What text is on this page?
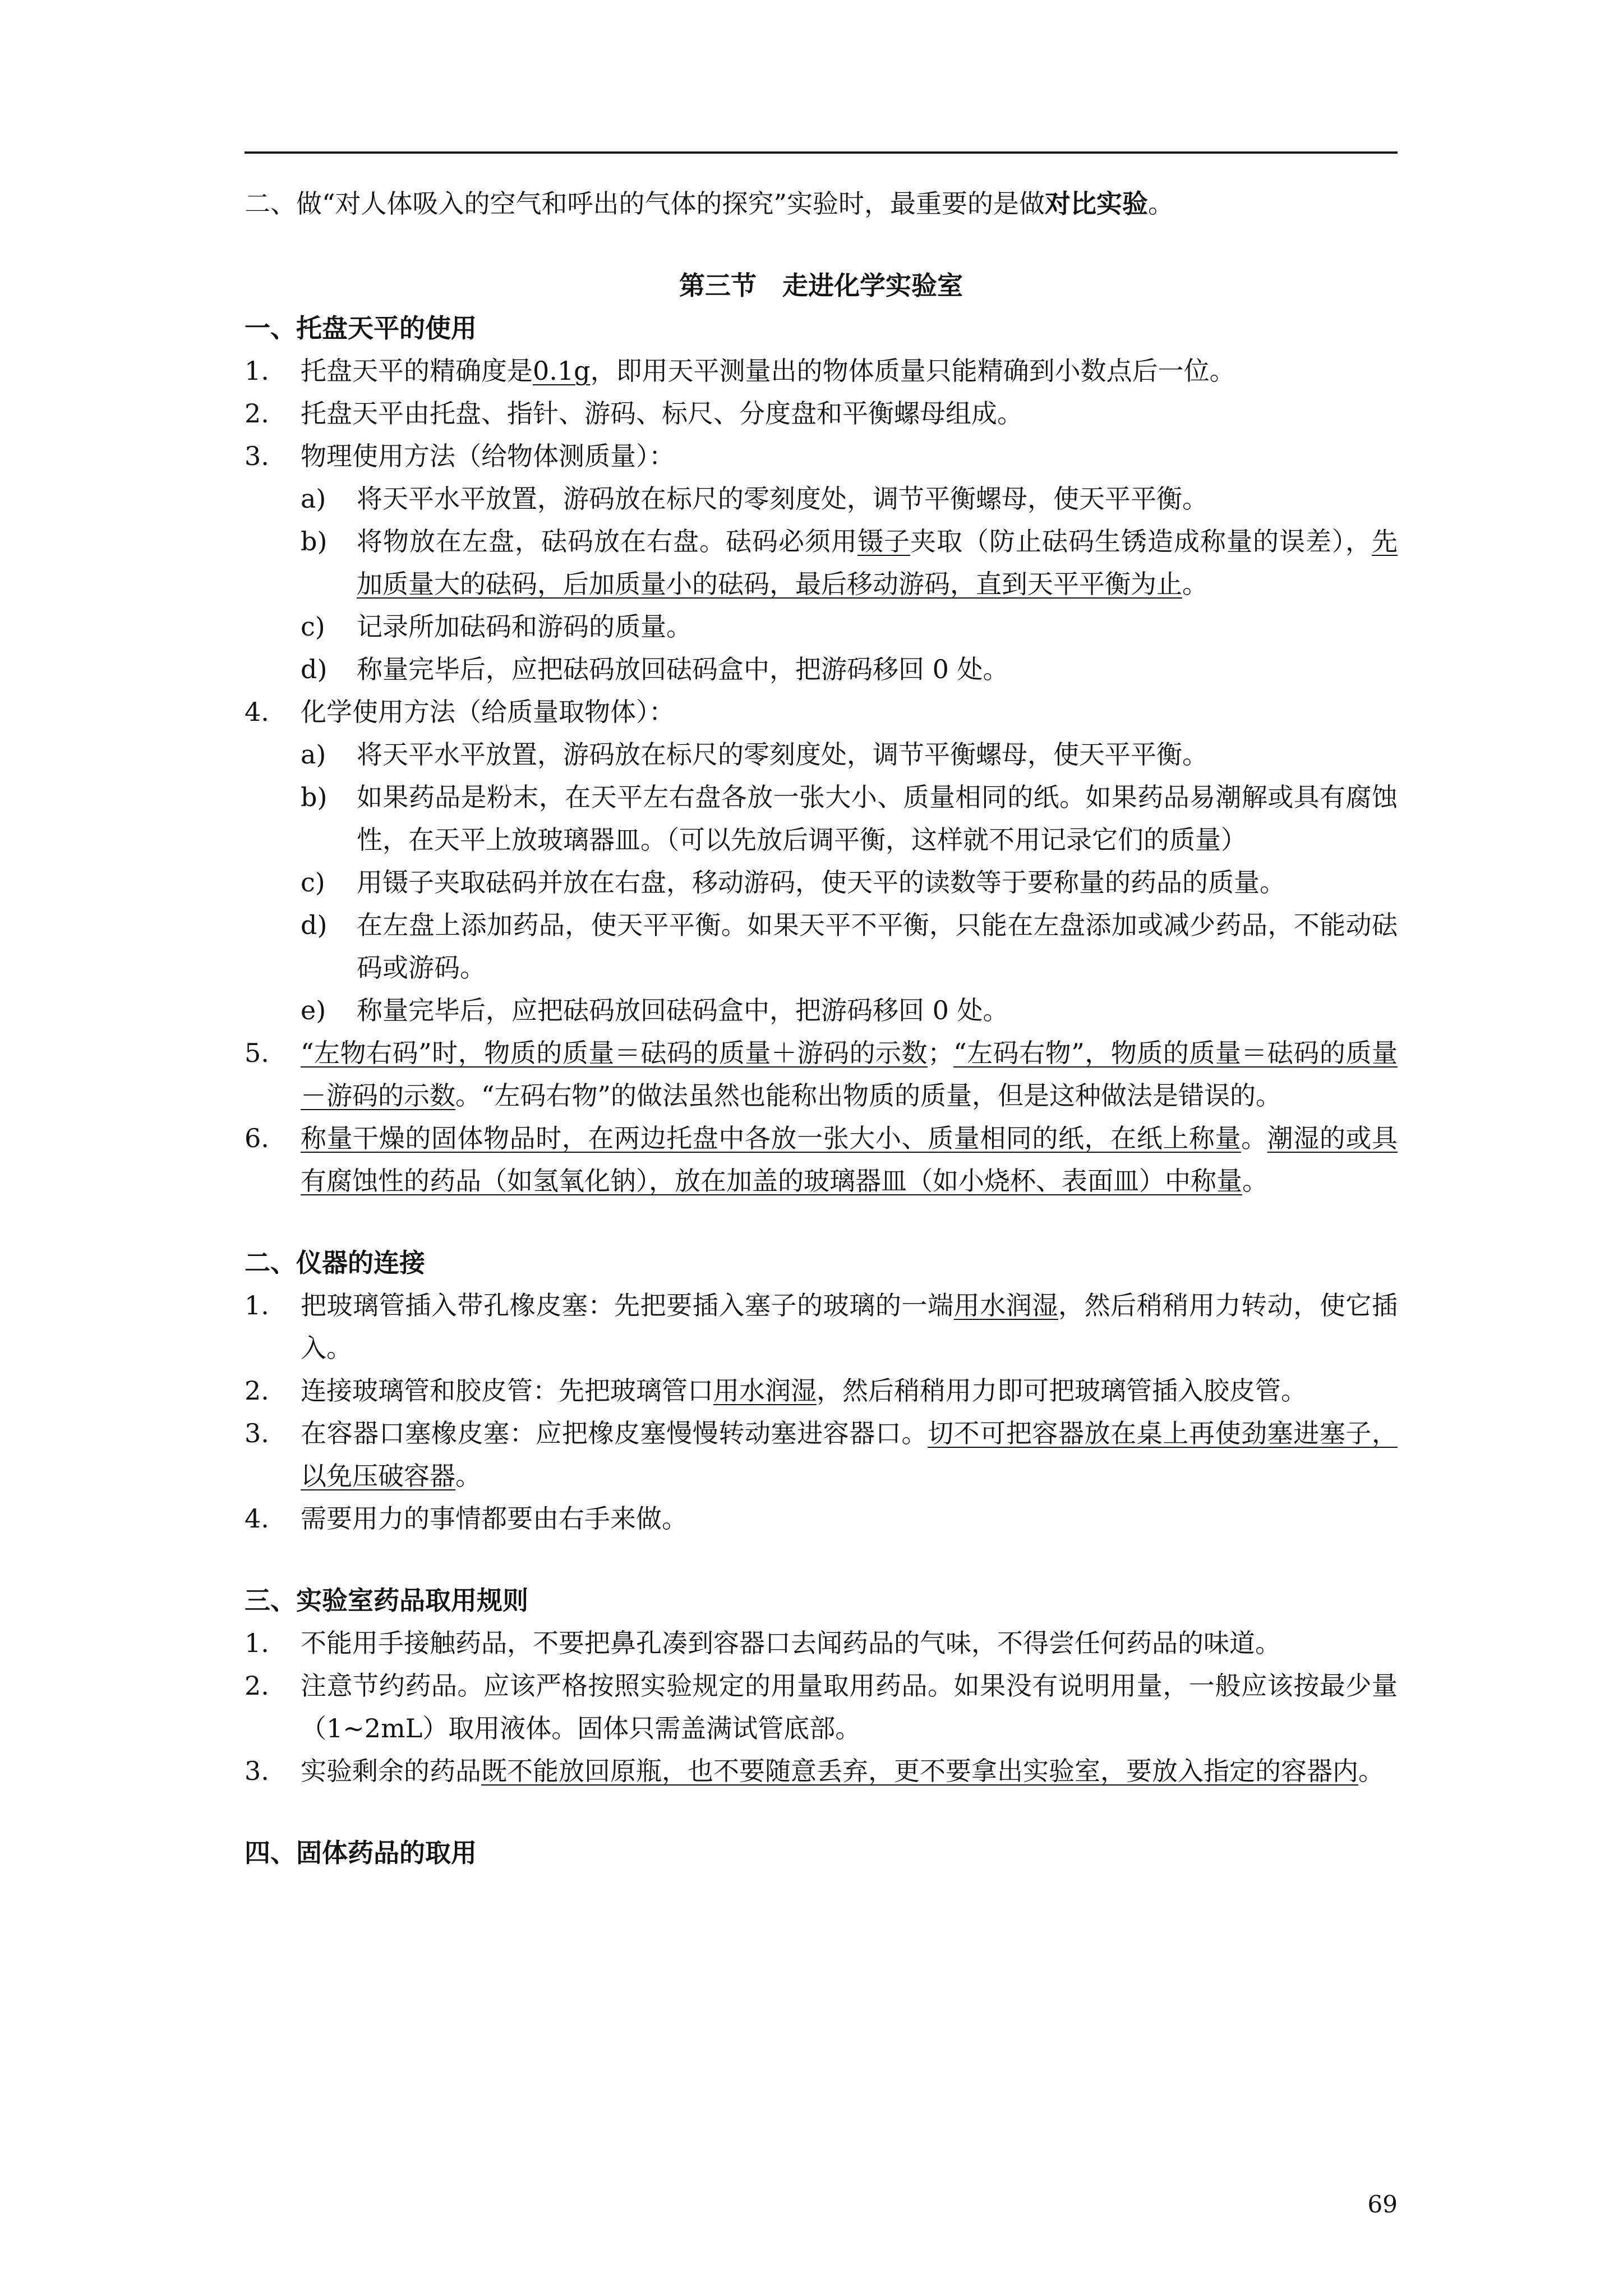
二、做“对人体吸入的空气和呼出的气体的探究”实验时，最重要的是做对比实验。

第三节　走进化学实验室

一、托盘天平的使用

1.	托盘天平的精确度是0.1g，即用天平测量出的物体质量只能精确到小数点后一位。
2.	托盘天平由托盘、指针、游码、标尺、分度盘和平衡螺母组成。
3.	物理使用方法（给物体测质量）：
a)	将天平水平放置，游码放在标尺的零刻度处，调节平衡螺母，使天平平衡。
b)	将物放在左盘，砝码放在右盘。砝码必须用镊子夹取（防止砝码生锈造成称量的误差），先加质量大的砝码，后加质量小的砝码，最后移动游码，直到天平平衡为止。
c)	记录所加砝码和游码的质量。
d)	称量完毕后，应把砝码放回砝码盒中，把游码移回 0 处。
4.	化学使用方法（给质量取物体）：
a)	将天平水平放置，游码放在标尺的零刻度处，调节平衡螺母，使天平平衡。
b)	如果药品是粉末，在天平左右盘各放一张大小、质量相同的纸。如果药品易潮解或具有腐蚀性，在天平上放玻璃器皿。（可以先放后调平衡，这样就不用记录它们的质量）
c)	用镊子夹取砝码并放在右盘，移动游码，使天平的读数等于要称量的药品的质量。
d)	在左盘上添加药品，使天平平衡。如果天平不平衡，只能在左盘添加或减少药品，不能动砝码或游码。
e)	称量完毕后，应把砝码放回砝码盒中，把游码移回 0 处。
5.	“左物右码”时，物质的质量＝砝码的质量＋游码的示数；“左码右物”，物质的质量＝砝码的质量－游码的示数。“左码右物”的做法虽然也能称出物质的质量，但是这种做法是错误的。
6.	称量干燥的固体物品时，在两边托盘中各放一张大小、质量相同的纸，在纸上称量。潮湿的或具有腐蚀性的药品（如氢氧化钠），放在加盖的玻璃器皿（如小烧杯、表面皿）中称量。

二、仪器的连接

1.	把玻璃管插入带孔橡皮塞：先把要插入塞子的玻璃的一端用水润湿，然后稍稍用力转动，使它插入。
2.	连接玻璃管和胶皮管：先把玻璃管口用水润湿，然后稍稍用力即可把玻璃管插入胶皮管。
3.	在容器口塞橡皮塞：应把橡皮塞慢慢转动塞进容器口。切不可把容器放在桌上再使劲塞进塞子，以免压破容器。
4.	需要用力的事情都要由右手来做。

三、实验室药品取用规则

1.	不能用手接触药品，不要把鼻孔凑到容器口去闻药品的气味，不得尝任何药品的味道。
2.	注意节约药品。应该严格按照实验规定的用量取用药品。如果没有说明用量，一般应该按最少量（1~2mL）取用液体。固体只需盖满试管底部。
3.	实验剩余的药品既不能放回原瓶，也不要随意丢弃，更不要拿出实验室，要放入指定的容器内。

四、固体药品的取用

69
